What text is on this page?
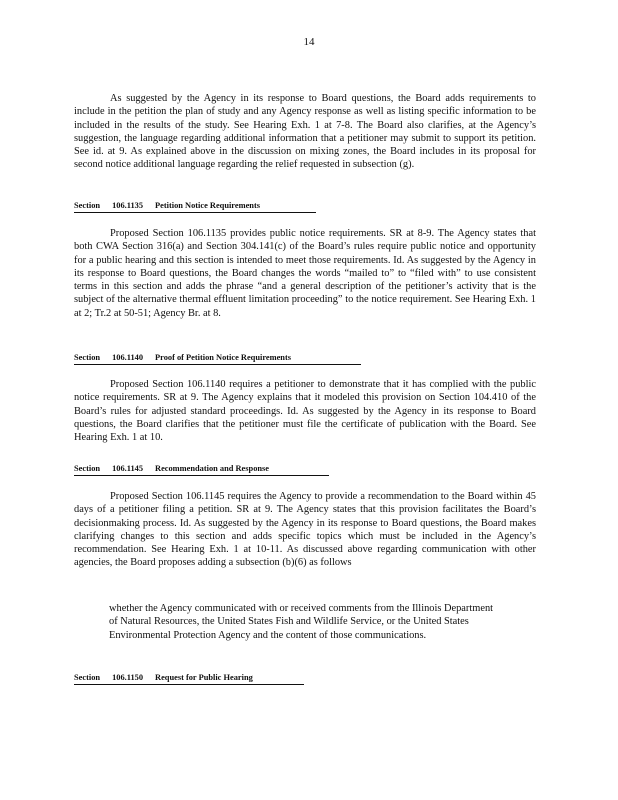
14

As suggested by the Agency in its response to Board questions, the Board adds requirements to include in the petition the plan of study and any Agency response as well as listing specific information to be included in the results of the study. See Hearing Exh. 1 at 7-8. The Board also clarifies, at the Agency’s suggestion, the language regarding additional information that a petitioner may submit to support its petition. See id. at 9. As explained above in the discussion on mixing zones, the Board includes in its proposal for second notice additional language regarding the relief requested in subsection (g).

Section 106.1135 Petition Notice Requirements

Proposed Section 106.1135 provides public notice requirements. SR at 8-9. The Agency states that both CWA Section 316(a) and Section 304.141(c) of the Board’s rules require public notice and opportunity for a public hearing and this section is intended to meet those requirements. Id. As suggested by the Agency in its response to Board questions, the Board changes the words “mailed to” to “filed with” to use consistent terms in this section and adds the phrase “and a general description of the petitioner’s activity that is the subject of the alternative thermal effluent limitation proceeding” to the notice requirement. See Hearing Exh. 1 at 2; Tr.2 at 50-51; Agency Br. at 8.

Section 106.1140 Proof of Petition Notice Requirements

Proposed Section 106.1140 requires a petitioner to demonstrate that it has complied with the public notice requirements. SR at 9. The Agency explains that it modeled this provision on Section 104.410 of the Board’s rules for adjusted standard proceedings. Id. As suggested by the Agency in its response to Board questions, the Board clarifies that the petitioner must file the certificate of publication with the Board. See Hearing Exh. 1 at 10.

Section 106.1145 Recommendation and Response

Proposed Section 106.1145 requires the Agency to provide a recommendation to the Board within 45 days of a petitioner filing a petition. SR at 9. The Agency states that this provision facilitates the Board’s decisionmaking process. Id. As suggested by the Agency in its response to Board questions, the Board makes clarifying changes to this section and adds specific topics which must be included in the Agency’s recommendation. See Hearing Exh. 1 at 10-11. As discussed above regarding communication with other agencies, the Board proposes adding a subsection (b)(6) as follows

whether the Agency communicated with or received comments from the Illinois Department of Natural Resources, the United States Fish and Wildlife Service, or the United States Environmental Protection Agency and the content of those communications.

Section 106.1150 Request for Public Hearing
